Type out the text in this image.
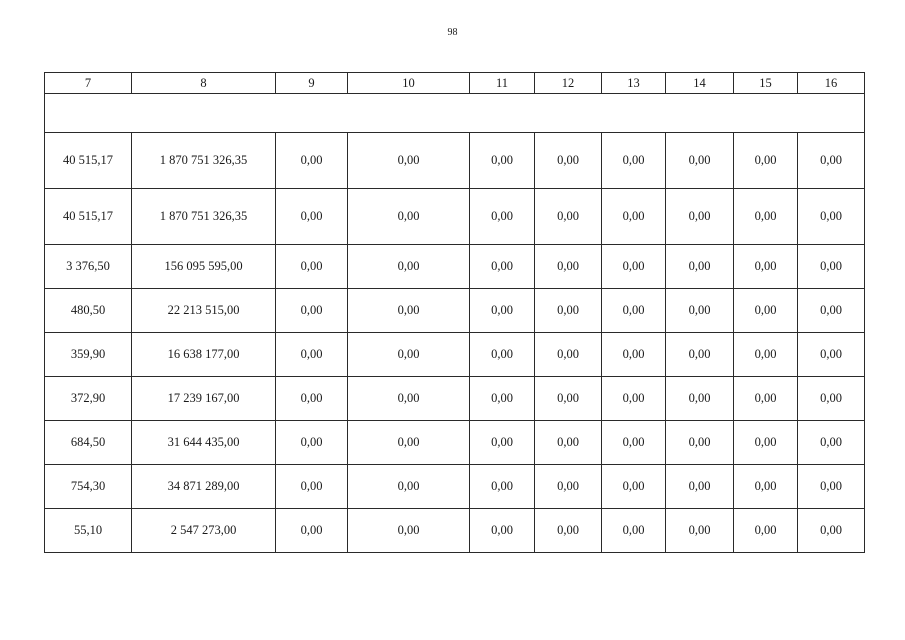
98
7	8	9	10	11	12	13	14	15	16

40 515,17	1 870 751 326,35	0,00	0,00	0,00	0,00	0,00	0,00	0,00	0,00
40 515,17	1 870 751 326,35	0,00	0,00	0,00	0,00	0,00	0,00	0,00	0,00
3 376,50	156 095 595,00	0,00	0,00	0,00	0,00	0,00	0,00	0,00	0,00
480,50	22 213 515,00	0,00	0,00	0,00	0,00	0,00	0,00	0,00	0,00
359,90	16 638 177,00	0,00	0,00	0,00	0,00	0,00	0,00	0,00	0,00
372,90	17 239 167,00	0,00	0,00	0,00	0,00	0,00	0,00	0,00	0,00
684,50	31 644 435,00	0,00	0,00	0,00	0,00	0,00	0,00	0,00	0,00
754,30	34 871 289,00	0,00	0,00	0,00	0,00	0,00	0,00	0,00	0,00
55,10	2 547 273,00	0,00	0,00	0,00	0,00	0,00	0,00	0,00	0,00
